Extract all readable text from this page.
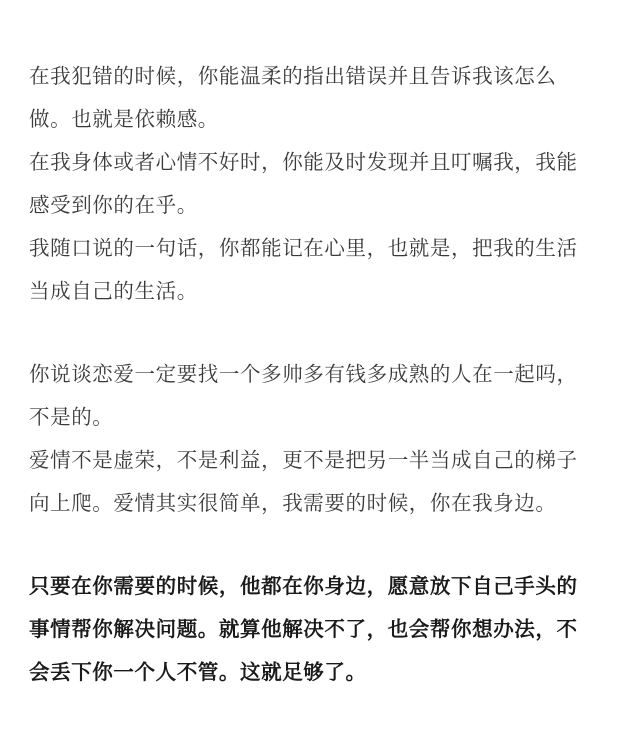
在我犯错的时候，你能温柔的指出错误并且告诉我该怎么
做。也就是依赖感。
在我身体或者心情不好时，你能及时发现并且叮嘱我，我能
感受到你的在乎。
我随口说的一句话，你都能记在心里，也就是，把我的生活
当成自己的生活。
你说谈恋爱一定要找一个多帅多有钱多成熟的人在一起吗，
不是的。
爱情不是虚荣，不是利益，更不是把另一半当成自己的梯子
向上爬。爱情其实很简单，我需要的时候，你在我身边。
只要在你需要的时候，他都在你身边，愿意放下自己手头的
事情帮你解决问题。就算他解决不了，也会帮你想办法，不
会丢下你一个人不管。这就足够了。
